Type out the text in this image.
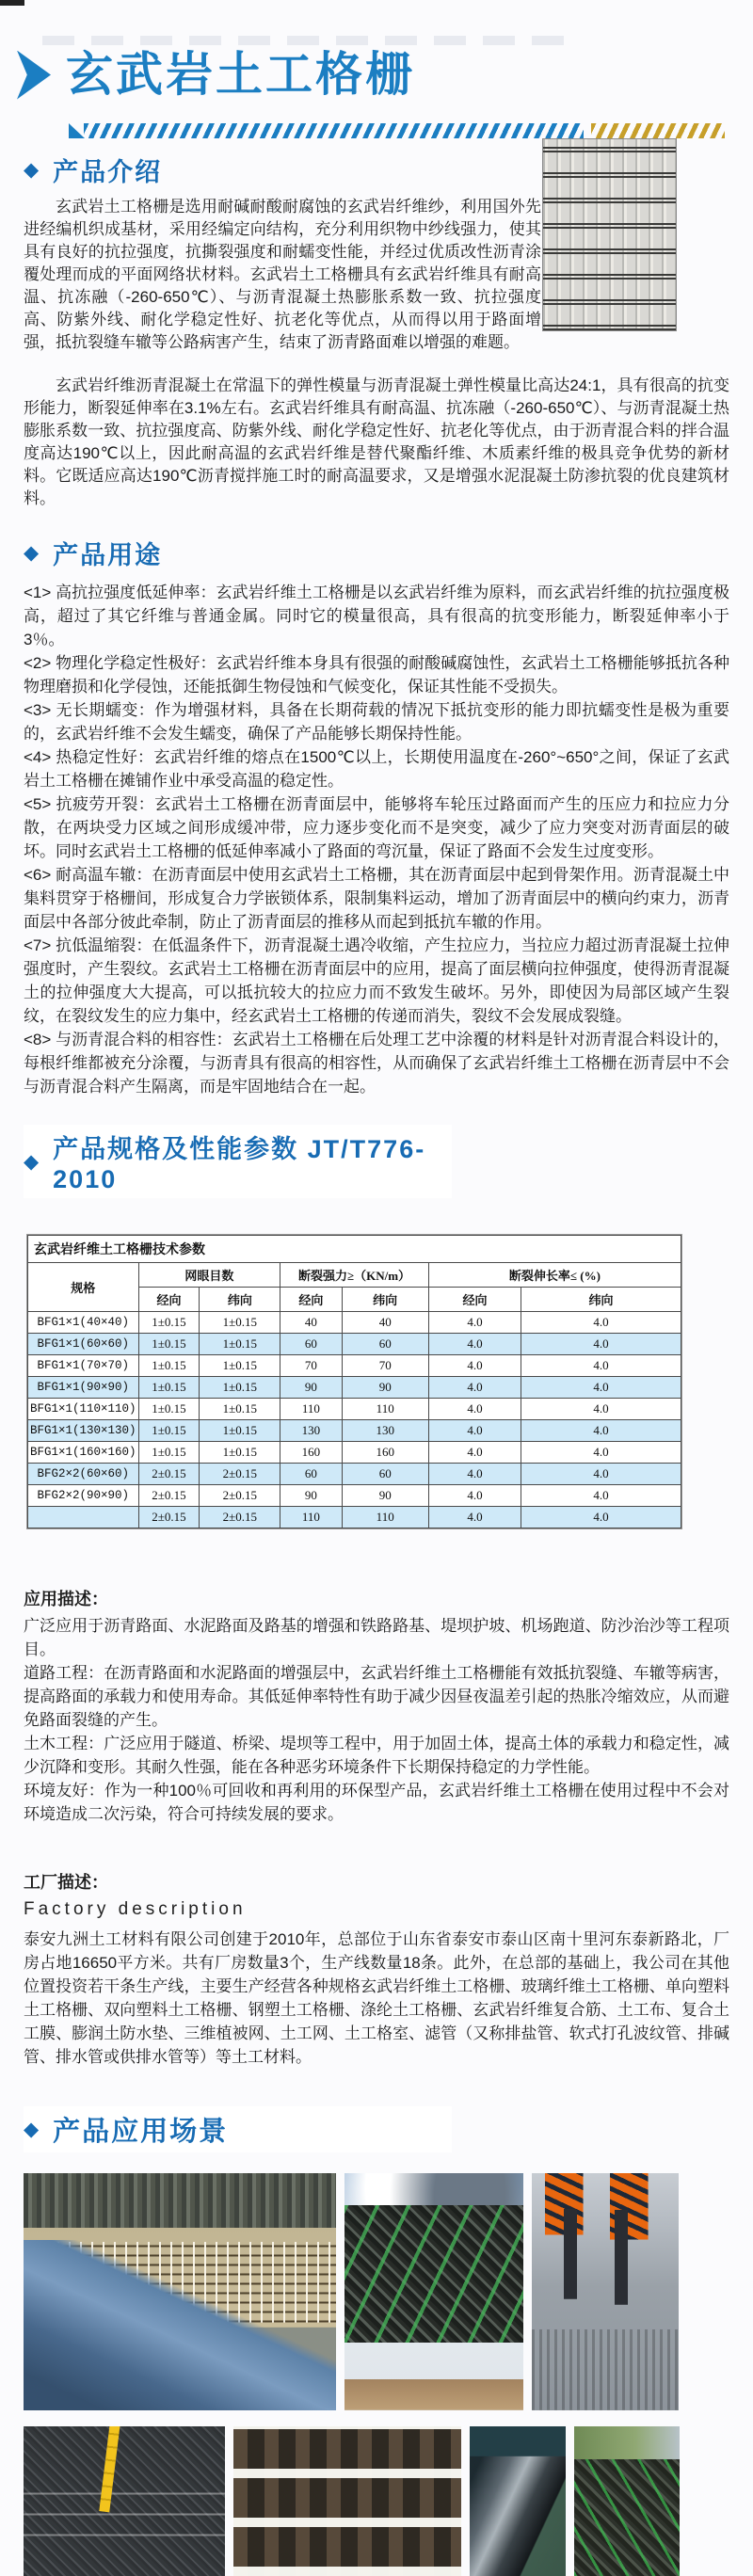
玄武岩土工格栅
◆ 产品介绍

玄武岩土工格栅是选用耐碱耐酸耐腐蚀的玄武岩纤维纱，利用国外先进经编机织成基材，采用经编定向结构，充分利用织物中纱线强力，使其具有良好的抗拉强度，抗撕裂强度和耐蠕变性能，并经过优质改性沥青涂覆处理而成的平面网络状材料。玄武岩土工格栅具有玄武岩纤维具有耐高温、抗冻融（-260-650℃）、与沥青混凝土热膨胀系数一致、抗拉强度高、防紫外线、耐化学稳定性好、抗老化等优点，从而得以用于路面增强，抵抗裂缝车辙等公路病害产生，结束了沥青路面难以增强的难题。

玄武岩纤维沥青混凝土在常温下的弹性模量与沥青混凝土弹性模量比高达24:1，具有很高的抗变形能力，断裂延伸率在3.1%左右。玄武岩纤维具有耐高温、抗冻融（-260-650℃）、与沥青混凝土热膨胀系数一致、抗拉强度高、防紫外线、耐化学稳定性好、抗老化等优点，由于沥青混合料的拌合温度高达190℃以上，因此耐高温的玄武岩纤维是替代聚酯纤维、木质素纤维的极具竞争优势的新材料。它既适应高达190℃沥青搅拌施工时的耐高温要求，又是增强水泥混凝土防渗抗裂的优良建筑材料。

◆ 产品用途

<1> 高抗拉强度低延伸率：玄武岩纤维土工格栅是以玄武岩纤维为原料，而玄武岩纤维的抗拉强度极高，超过了其它纤维与普通金属。同时它的模量很高，具有很高的抗变形能力，断裂延伸率小于3％。

<2> 物理化学稳定性极好：玄武岩纤维本身具有很强的耐酸碱腐蚀性，玄武岩土工格栅能够抵抗各种物理磨损和化学侵蚀，还能抵御生物侵蚀和气候变化，保证其性能不受损失。

<3> 无长期蠕变：作为增强材料，具备在长期荷载的情况下抵抗变形的能力即抗蠕变性是极为重要的，玄武岩纤维不会发生蠕变，确保了产品能够长期保持性能。

<4> 热稳定性好：玄武岩纤维的熔点在1500℃以上，长期使用温度在-260°~650°之间，保证了玄武岩土工格栅在摊铺作业中承受高温的稳定性。

<5> 抗疲劳开裂：玄武岩土工格栅在沥青面层中，能够将车轮压过路面而产生的压应力和拉应力分散，在两块受力区域之间形成缓冲带，应力逐步变化而不是突变，减少了应力突变对沥青面层的破坏。同时玄武岩土工格栅的低延伸率减小了路面的弯沉量，保证了路面不会发生过度变形。

<6> 耐高温车辙：在沥青面层中使用玄武岩土工格栅，其在沥青面层中起到骨架作用。沥青混凝土中集料贯穿于格栅间，形成复合力学嵌锁体系，限制集料运动，增加了沥青面层中的横向约束力，沥青面层中各部分彼此牵制，防止了沥青面层的推移从而起到抵抗车辙的作用。

<7> 抗低温缩裂：在低温条件下，沥青混凝土遇冷收缩，产生拉应力，当拉应力超过沥青混凝土拉伸强度时，产生裂纹。玄武岩土工格栅在沥青面层中的应用，提高了面层横向拉伸强度，使得沥青混凝土的拉伸强度大大提高，可以抵抗较大的拉应力而不致发生破坏。另外，即使因为局部区域产生裂纹，在裂纹发生的应力集中，经玄武岩土工格栅的传递而消失，裂纹不会发展成裂缝。

<8> 与沥青混合料的相容性：玄武岩土工格栅在后处理工艺中涂覆的材料是针对沥青混合料设计的，每根纤维都被充分涂覆，与沥青具有很高的相容性，从而确保了玄武岩纤维土工格栅在沥青层中不会与沥青混合料产生隔离，而是牢固地结合在一起。

◆ 产品规格及性能参数 JT/T776-2010
玄武岩纤维土工格栅技术参数						
规格	网眼目数		断裂强力≥（KN/m）		断裂伸长率≤ (%)	
	经向	纬向	经向	纬向	经向	纬向
BFG1×1(40×40)	1±0.15	1±0.15	40	40	4.0	4.0
BFG1×1(60×60)	1±0.15	1±0.15	60	60	4.0	4.0
BFG1×1(70×70)	1±0.15	1±0.15	70	70	4.0	4.0
BFG1×1(90×90)	1±0.15	1±0.15	90	90	4.0	4.0
BFG1×1(110×110)	1±0.15	1±0.15	110	110	4.0	4.0
BFG1×1(130×130)	1±0.15	1±0.15	130	130	4.0	4.0
BFG1×1(160×160)	1±0.15	1±0.15	160	160	4.0	4.0
BFG2×2(60×60)	2±0.15	2±0.15	60	60	4.0	4.0
BFG2×2(90×90)	2±0.15	2±0.15	90	90	4.0	4.0
	2±0.15	2±0.15	110	110	4.0	4.0

应用描述：

广泛应用于沥青路面、水泥路面及路基的增强和铁路路基、堤坝护坡、机场跑道、防沙治沙等工程项目。

道路工程：在沥青路面和水泥路面的增强层中，玄武岩纤维土工格栅能有效抵抗裂缝、车辙等病害，提高路面的承载力和使用寿命。其低延伸率特性有助于减少因昼夜温差引起的热胀冷缩效应，从而避免路面裂缝的产生。

土木工程：广泛应用于隧道、桥梁、堤坝等工程中，用于加固土体，提高土体的承载力和稳定性，减少沉降和变形。其耐久性强，能在各种恶劣环境条件下长期保持稳定的力学性能。

环境友好：作为一种100％可回收和再利用的环保型产品，玄武岩纤维土工格栅在使用过程中不会对环境造成二次污染，符合可持续发展的要求。

工厂描述：

Factory description

泰安九洲土工材料有限公司创建于2010年，总部位于山东省泰安市泰山区南十里河东泰新路北，厂房占地16650平方米。共有厂房数量3个，生产线数量18条。此外，在总部的基础上，我公司在其他位置投资若干条生产线，主要生产经营各种规格玄武岩纤维土工格栅、玻璃纤维土工格栅、单向塑料土工格栅、双向塑料土工格栅、钢塑土工格栅、涤纶土工格栅、玄武岩纤维复合筋、土工布、复合土工膜、膨润土防水垫、三维植被网、土工网、土工格室、滤管（又称排盐管、软式打孔波纹管、排碱管、排水管或供排水管等）等土工材料。

◆ 产品应用场景
